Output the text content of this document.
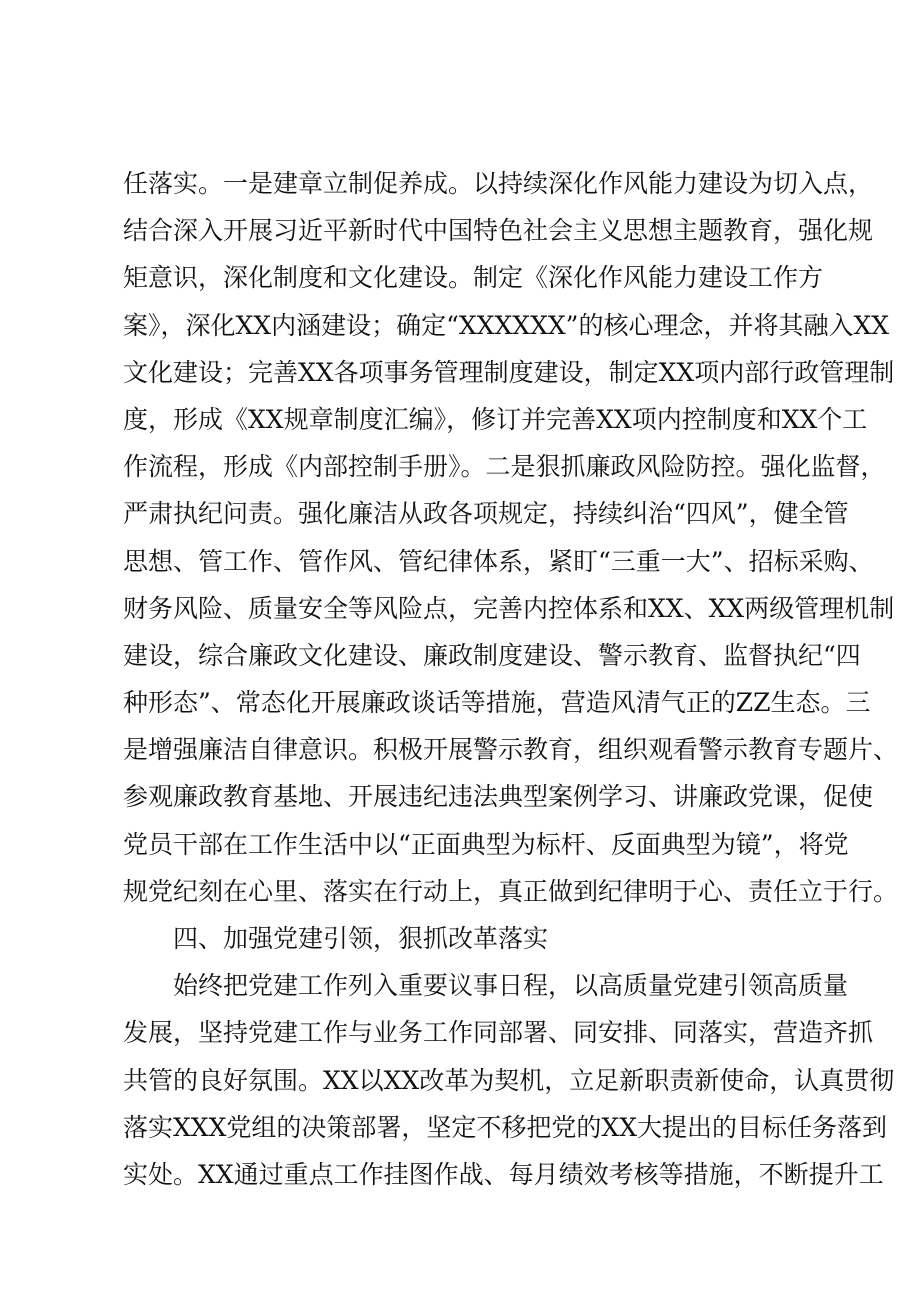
任落实。一是建章立制促养成。以持续深化作风能力建设为切入点，
结合深入开展习近平新时代中国特色社会主义思想主题教育，强化规
矩意识，深化制度和文化建设。制定《深化作风能力建设工作方
案》，深化XX内涵建设；确定“XXXXXX”的核心理念，并将其融入XX
文化建设；完善XX各项事务管理制度建设，制定XX项内部行政管理制
度，形成《XX规章制度汇编》，修订并完善XX项内控制度和XX个工
作流程，形成《内部控制手册》。二是狠抓廉政风险防控。强化监督，
严肃执纪问责。强化廉洁从政各项规定，持续纠治“四风”，健全管
思想、管工作、管作风、管纪律体系，紧盯“三重一大”、招标采购、
财务风险、质量安全等风险点，完善内控体系和XX、XX两级管理机制
建设，综合廉政文化建设、廉政制度建设、警示教育、监督执纪“四
种形态”、常态化开展廉政谈话等措施，营造风清气正的ZZ生态。三
是增强廉洁自律意识。积极开展警示教育，组织观看警示教育专题片、
参观廉政教育基地、开展违纪违法典型案例学习、讲廉政党课，促使
党员干部在工作生活中以“正面典型为标杆、反面典型为镜”，将党
规党纪刻在心里、落实在行动上，真正做到纪律明于心、责任立于行。
四、加强党建引领，狠抓改革落实
始终把党建工作列入重要议事日程，以高质量党建引领高质量
发展，坚持党建工作与业务工作同部署、同安排、同落实，营造齐抓
共管的良好氛围。XX以XX改革为契机，立足新职责新使命，认真贯彻
落实XXX党组的决策部署，坚定不移把党的XX大提出的目标任务落到
实处。XX通过重点工作挂图作战、每月绩效考核等措施，不断提升工
